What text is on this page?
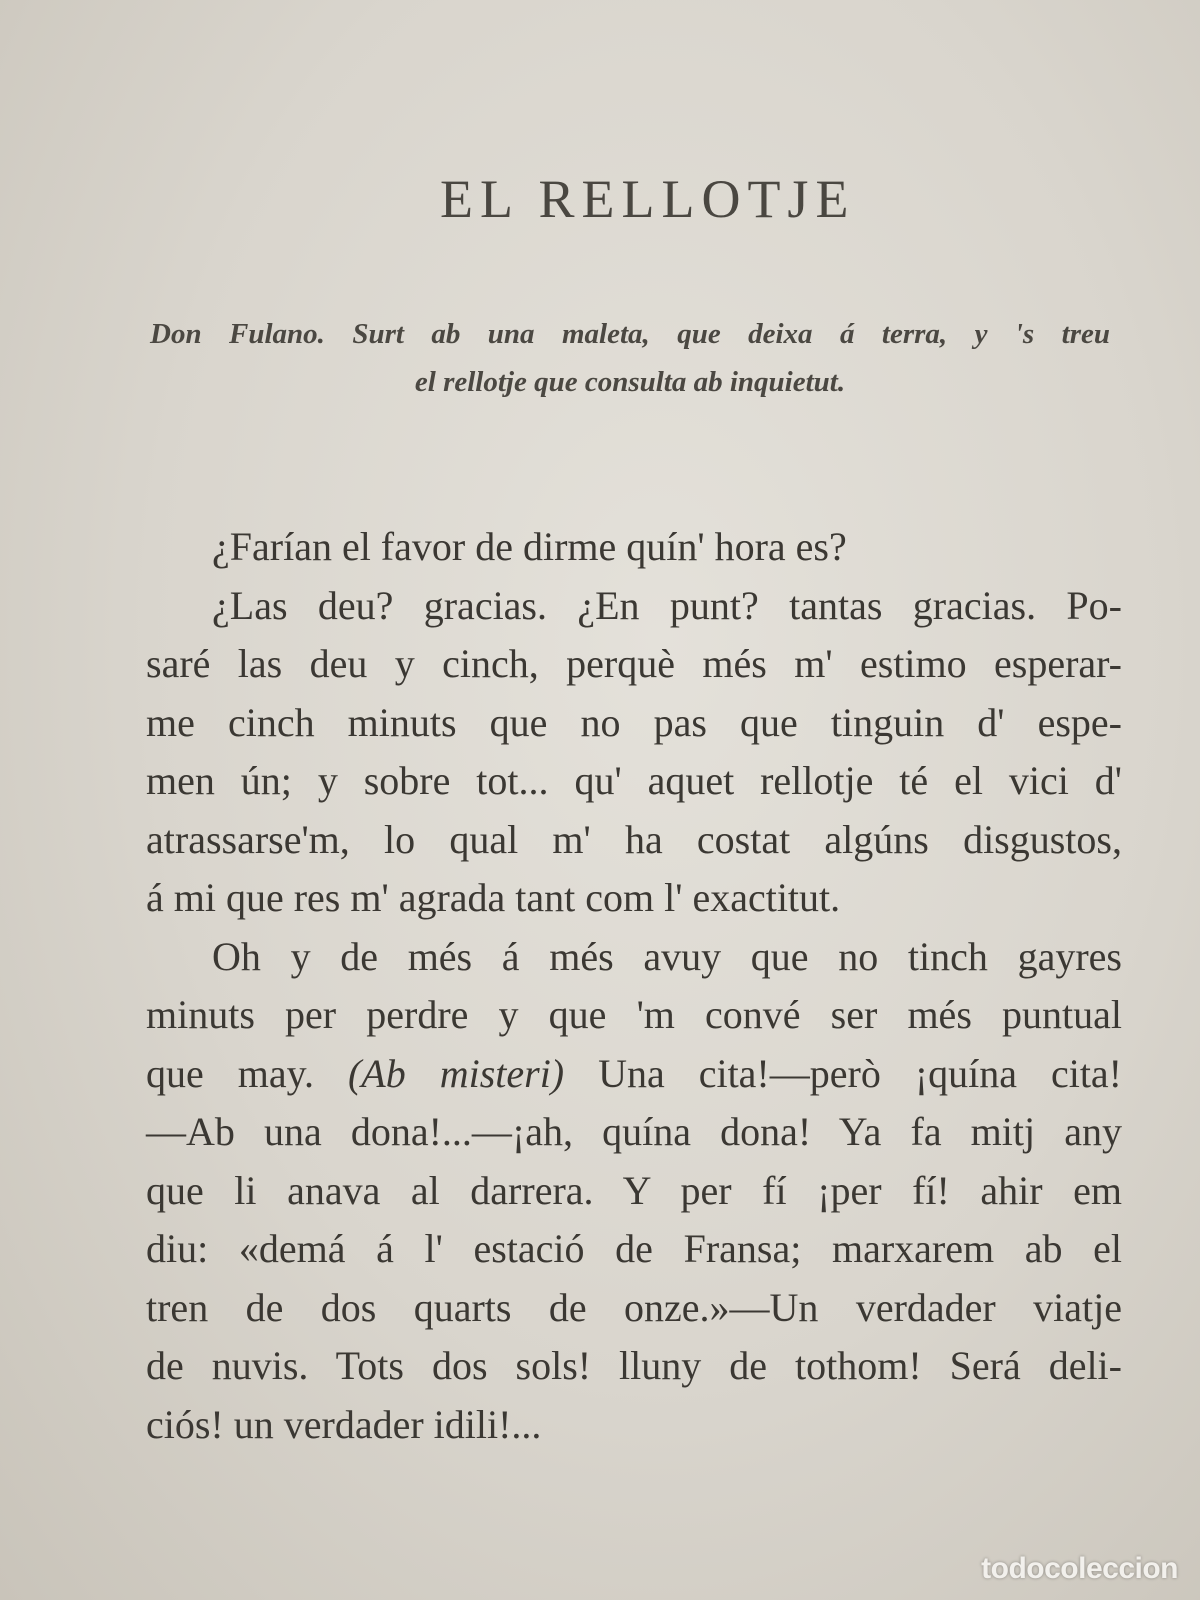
EL RELLOTJE
Don Fulano. Surt ab una maleta, que deixa á terra, y 's treu
el rellotje que consulta ab inquietut.
¿Farían el favor de dirme quín' hora es?
¿Las deu? gracias. ¿En punt? tantas gracias. Po-
saré las deu y cinch, perquè més m' estimo esperar-
me cinch minuts que no pas que tinguin d' espe-
men ún; y sobre tot... qu' aquet rellotje té el vici d'
atrassarse'm, lo qual m' ha costat algúns disgustos,
á mi que res m' agrada tant com l' exactitut.
Oh y de més á més avuy que no tinch gayres
minuts per perdre y que 'm convé ser més puntual
que may. (Ab misteri) Una cita!—però ¡quína cita!
—Ab una dona!...—¡ah, quína dona! Ya fa mitj any
que li anava al darrera. Y per fí ¡per fí! ahir em
diu: «demá á l' estació de Fransa; marxarem ab el
tren de dos quarts de onze.»—Un verdader viatje
de nuvis. Tots dos sols! lluny de tothom! Será deli-
ciós! un verdader idili!...
todocoleccion
